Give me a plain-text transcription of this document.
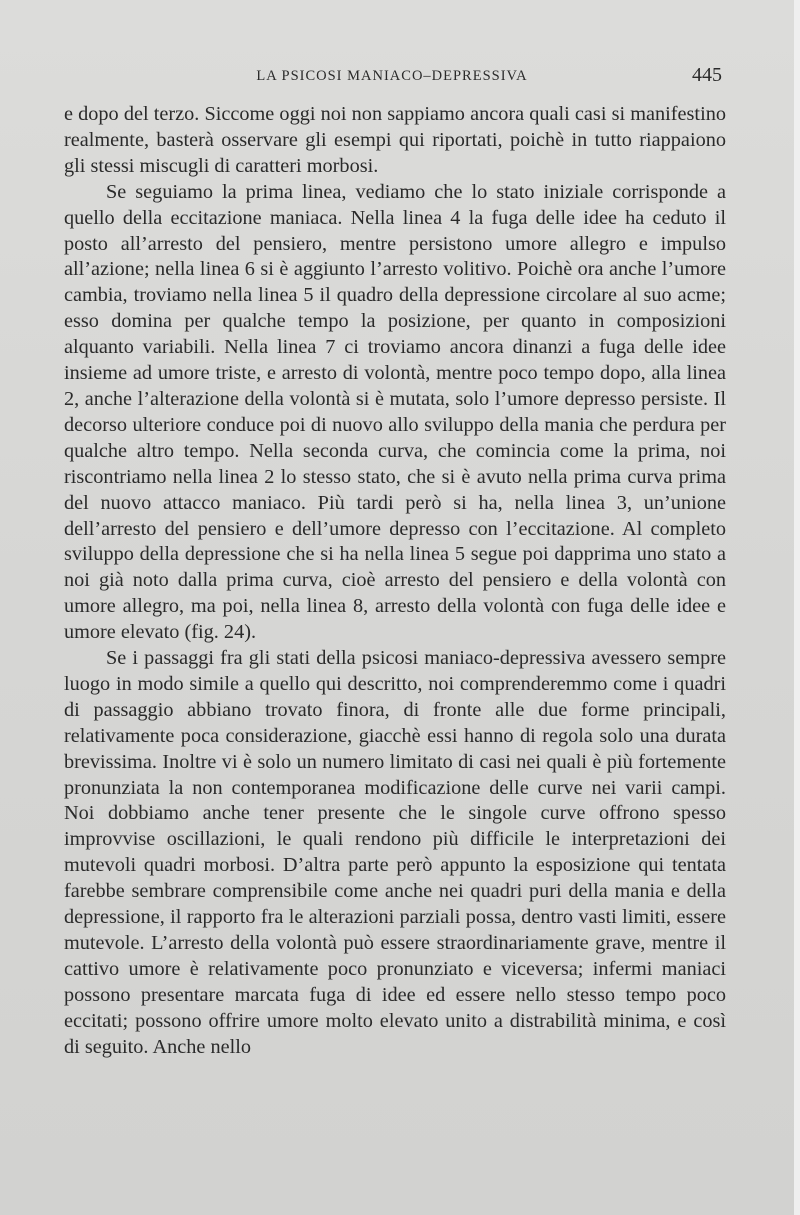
LA PSICOSI MANIACO–DEPRESSIVA	445

e dopo del terzo. Siccome oggi noi non sappiamo ancora quali casi si manifestino realmente, basterà osservare gli esempi qui riportati, poichè in tutto riappaiono gli stessi miscugli di caratteri morbosi.

Se seguiamo la prima linea, vediamo che lo stato iniziale corrisponde a quello della eccitazione maniaca. Nella linea 4 la fuga delle idee ha ceduto il posto all’arresto del pensiero, mentre persistono umore allegro e impulso all’azione; nella linea 6 si è aggiunto l’arresto volitivo. Poichè ora anche l’umore cambia, troviamo nella linea 5 il quadro della depressione circolare al suo acme; esso domina per qualche tempo la posizione, per quanto in composizioni alquanto variabili. Nella linea 7 ci troviamo ancora dinanzi a fuga delle idee insieme ad umore triste, e arresto di volontà, mentre poco tempo dopo, alla linea 2, anche l’alterazione della volontà si è mutata, solo l’umore depresso persiste. Il decorso ulteriore conduce poi di nuovo allo sviluppo della mania che perdura per qualche altro tempo. Nella seconda curva, che comincia come la prima, noi riscontriamo nella linea 2 lo stesso stato, che si è avuto nella prima curva prima del nuovo attacco maniaco. Più tardi però si ha, nella linea 3, un’unione dell’arresto del pensiero e dell’umore depresso con l’eccitazione. Al completo sviluppo della depressione che si ha nella linea 5 segue poi dapprima uno stato a noi già noto dalla prima curva, cioè arresto del pensiero e della volontà con umore allegro, ma poi, nella linea 8, arresto della volontà con fuga delle idee e umore elevato (fig. 24).

Se i passaggi fra gli stati della psicosi maniaco-depressiva avessero sempre luogo in modo simile a quello qui descritto, noi comprenderemmo come i quadri di passaggio abbiano trovato finora, di fronte alle due forme principali, relativamente poca considerazione, giacchè essi hanno di regola solo una durata brevissima. Inoltre vi è solo un numero limitato di casi nei quali è più fortemente pronunziata la non contemporanea modificazione delle curve nei varii campi. Noi dobbiamo anche tener presente che le singole curve offrono spesso improvvise oscillazioni, le quali rendono più difficile le interpretazioni dei mutevoli quadri morbosi. D’altra parte però appunto la esposizione qui tentata farebbe sembrare comprensibile come anche nei quadri puri della mania e della depressione, il rapporto fra le alterazioni parziali possa, dentro vasti limiti, essere mutevole. L’arresto della volontà può essere straordinariamente grave, mentre il cattivo umore è relativamente poco pronunziato e viceversa; infermi maniaci possono presentare marcata fuga di idee ed essere nello stesso tempo poco eccitati; possono offrire umore molto elevato unito a distrabilità minima, e così di seguito. Anche nello
